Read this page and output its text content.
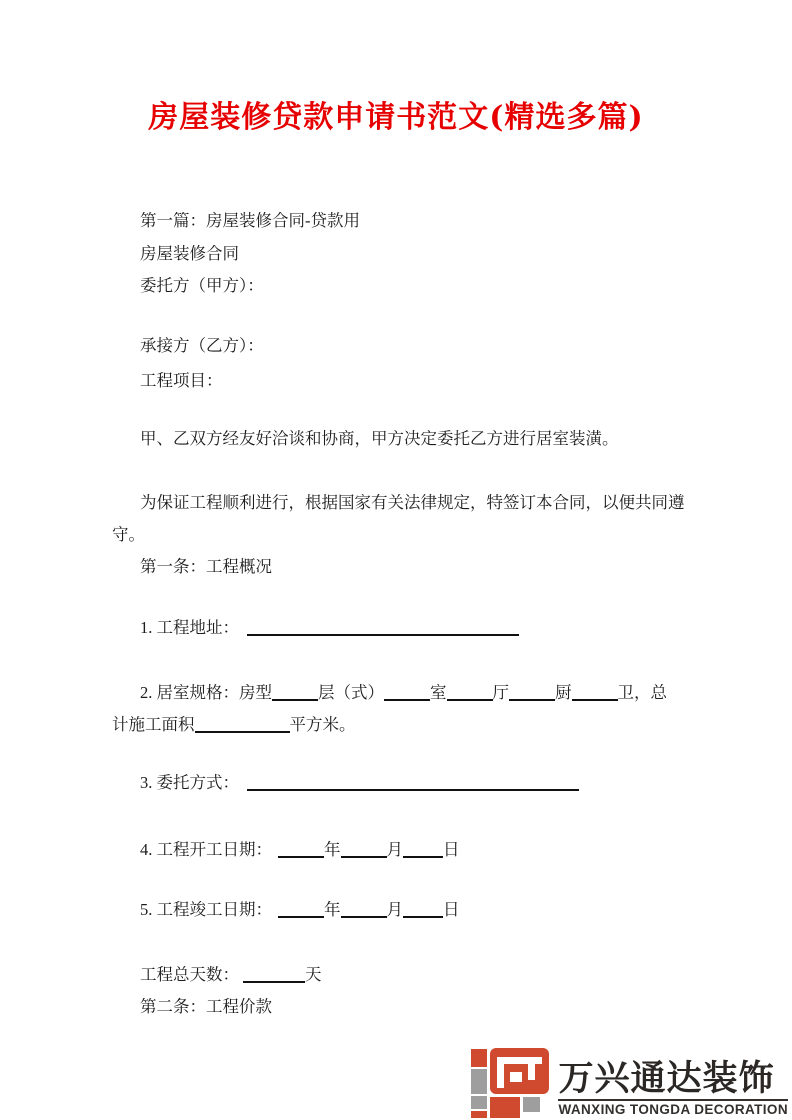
房屋装修贷款申请书范文(精选多篇)
第一篇：房屋装修合同-贷款用
房屋装修合同
委托方（甲方）：
承接方（乙方）：
工程项目：
甲、乙双方经友好洽谈和协商，甲方决定委托乙方进行居室装潢。
为保证工程顺利进行，根据国家有关法律规定，特签订本合同，以便共同遵
守。
第一条：工程概况
1. 工程地址：
2. 居室规格：房型	层（式）	室	厅	厨	卫，总
计施工面积	平方米。
3. 委托方式：
4. 工程开工日期：	年	月 日
5. 工程竣工日期：	年	月 日
工程总天数：	天
第二条：工程价款
万兴通达装饰
WANXING TONGDA DECORATION
